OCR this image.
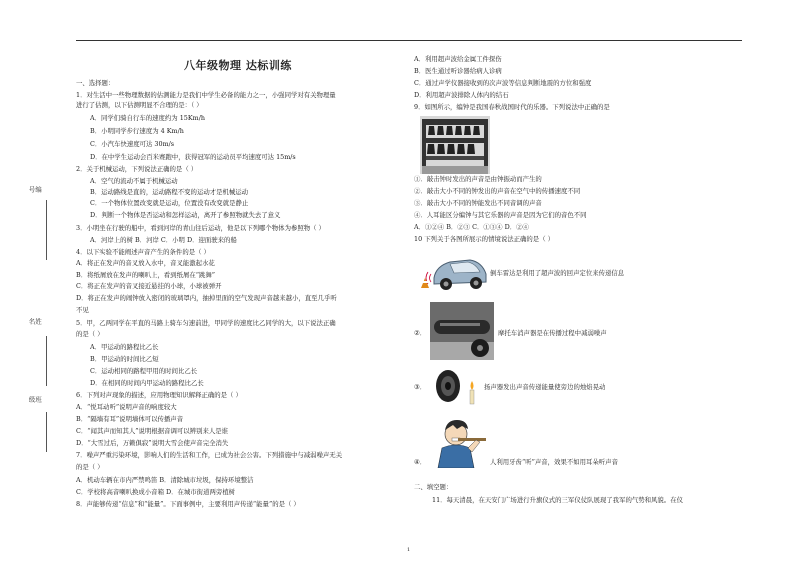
编号
姓名
班级
八年级物理 达标训练
一、选择题：
1．对生活中一些物理数据的估测能力是我们中学生必备的能力之一，小强同学对有关物理量
进行了估测，以下估测明显不合理的是：（ ）
A．同学们骑自行车的速度约为 15Km/h
B．小明同学步行速度为 4 Km/h
C．小汽车快速度可达 30m/s
D．在中学生运动会百米赛跑中，获得冠军的运动员平均速度可达 15m/s
2．关于机械运动，下列说法正确的是（ ）
A．空气的流动不属于机械运动
B．运动路线是直的，运动路程不变的运动才是机械运动
C．一个物体位置改变就是运动，位置没有改变就是静止
D．判断一个物体是否运动和怎样运动，离开了参照物就失去了意义
3．小明坐在行驶的船中，看到河岸的青山往后运动，他是以下列哪个物体为参照物（ ）
A．河岸上的树 B．河岸 C．小明 D．迎面驶来的船
4．以下实验不能阐述声音产生的条件的是（ ）
A．将正在发声的音叉放入水中，音叉能激起水花
B．将纸屑放在发声的喇叭上，看到纸屑在“跳舞”
C．将正在发声的音叉接近悬挂的小球，小球被弹开
D．将正在发声的闹钟放入密闭的玻璃罩内，抽掉里面的空气发现声音越来越小，直至几乎听
不见
5．甲，乙两同学在平直的马路上骑车匀速前进，甲同学的速度比乙同学的大，以下说法正确
的是（ ）
A．甲运动的路程比乙长
B．甲运动的时间比乙短
C．运动相同的路程甲用的时间比乙长
D．在相同的时间内甲运动的路程比乙长
6．下列对声现象的描述，应用物理知识解释正确的是（ ）
A．“悦耳动听”说明声音的响度较大
B．“隔墙有耳”说明墙体可以传播声音
C．“闻其声而知其人”说明根据音调可以辨别来人是谁
D．“大雪过后，万籁俱寂”说明大雪会使声音完全消失
7．噪声严重污染环境，影响人们的生活和工作，已成为社会公害。下列措施中与减弱噪声无关
的是（ ）
A．机动车辆在市内严禁鸣笛 B．清除城市垃圾，保持环境整洁
C．学校将高音喇叭换成小音箱 D．在城市街道两旁植树
8．声能够传递“信息”和“能量”。下面事例中，主要利用声传递“能量”的是（ ）
A．利用超声波给金属工件探伤
B．医生通过听诊器给病人诊病
C．通过声学仪器接收到的次声波等信息判断地震的方位和强度
D．利用超声波排除人体内的结石
9．如图所示，编钟是我国春秋战国时代的乐器。下列说法中正确的是
①．敲击钟时发出的声音是由钟振动而产生的
②．敲击大小不同的钟发出的声音在空气中的传播速度不同
③．敲击大小不同的钟能发出不同音调的声音
④．人耳能区分编钟与其它乐器的声音是因为它们的音色不同
A．①②④ B．②③ C．①③④ D．②④
10 下列关于各图所展示的情境说法正确的是（ ）
倒车雷达是利用了超声波的回声定位来传递信息
②．	摩托车消声器是在传播过程中减弱噪声
③．	扬声器发出声音传递能量使旁边的烛焰晃动
④．	人利用牙齿“听”声音，效果不如用耳朵听声音
二、填空题：
11．每天清晨，在天安门广场进行升旗仪式的三军仪仗队展现了我军的气势和风貌。在仪
1
